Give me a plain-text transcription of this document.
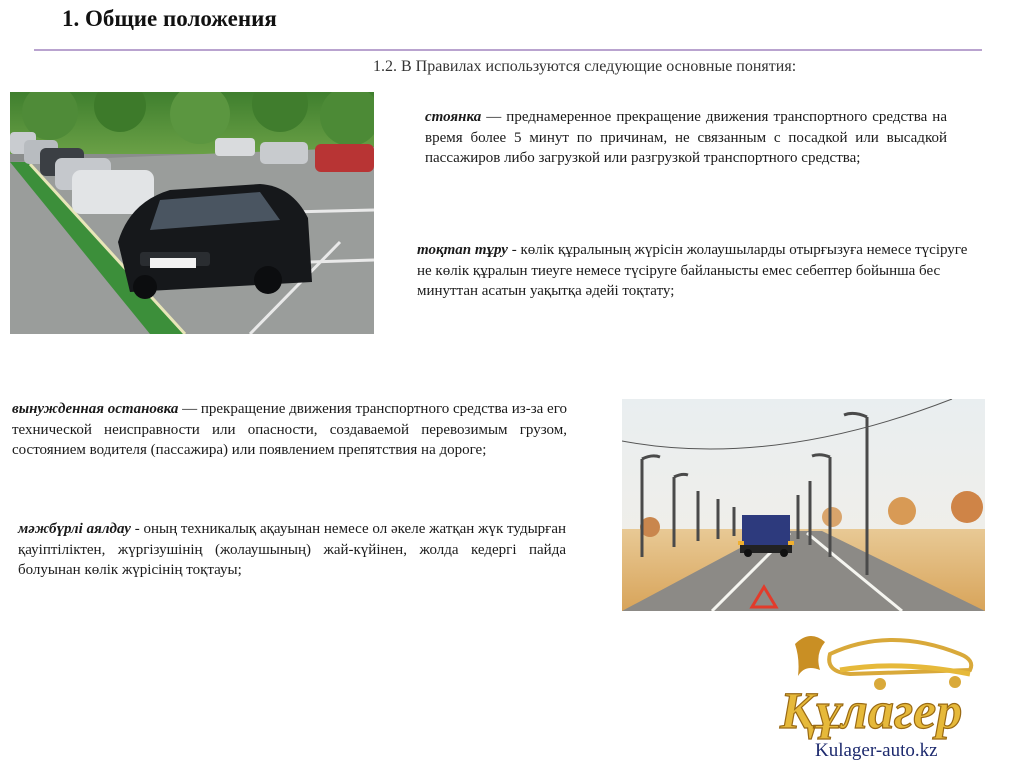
1. Общие положения
1.2. В Правилах используются следующие основные понятия:
стоянка — преднамеренное прекращение движения транспортного средства на время более 5 минут по причинам, не связанным с посадкой или высадкой пассажиров либо загрузкой или разгрузкой транспортного средства;
тоқтап тұру - көлік құралының жүрісін жолаушыларды отырғызуға немесе түсіруге не көлік құралын тиеуге немесе түсіруге байланысты емес себептер бойынша бес минуттан асатын уақытқа әдейі тоқтату;
вынужденная остановка — прекращение движения транспортного средства из-за его технической неисправности или опасности, создаваемой перевозимым грузом, состоянием водителя (пассажира) или появлением препятствия на дороге;
мәжбүрлі аялдау - оның техникалық ақауынан немесе ол әкеле жатқан жүк тудырған қауіптіліктен, жүргізушінің (жолаушының) жай-күйінен, жолда кедергі пайда болуынан көлік жүрісінің тоқтауы;
Құлагер
Kulager-auto.kz
